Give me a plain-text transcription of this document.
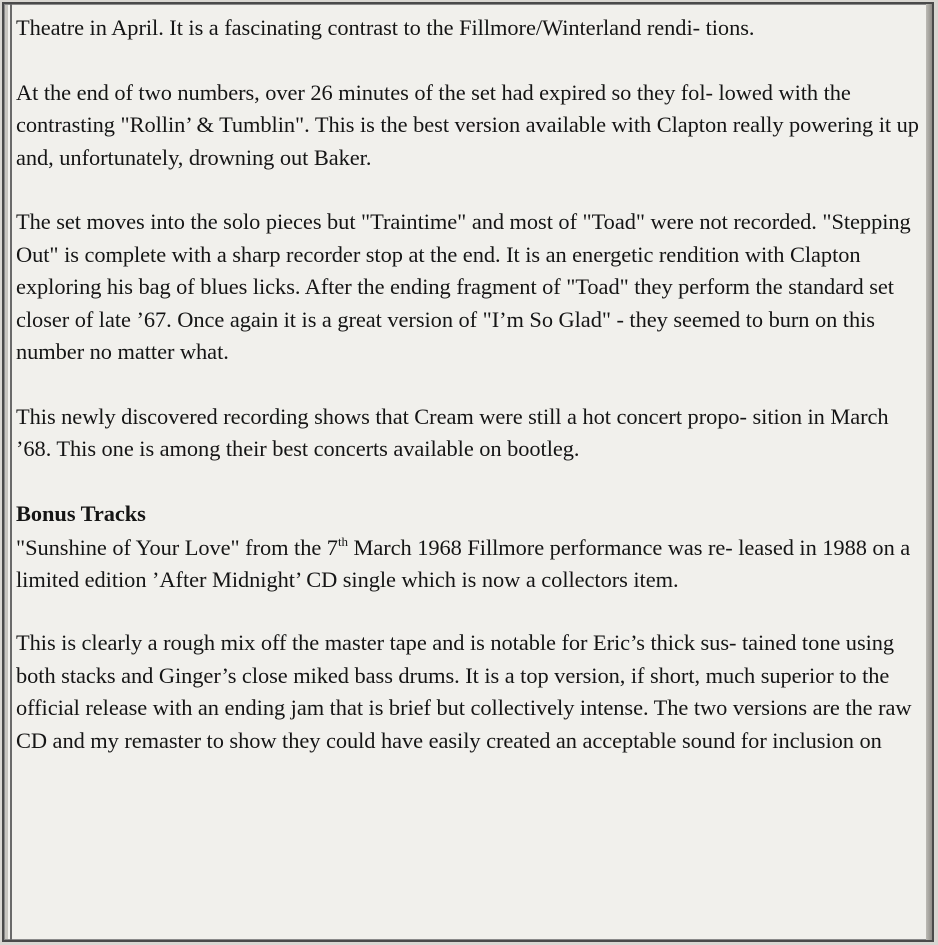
Theatre in April. It is a fascinating contrast to the Fillmore/Winterland rendi- tions.

At the end of two numbers, over 26 minutes of the set had expired so they fol- lowed with the contrasting "Rollin’ & Tumblin". This is the best version available with Clapton really powering it up and, unfortunately, drowning out Baker.

The set moves into the solo pieces but "Traintime" and most of "Toad" were not recorded. "Stepping Out" is complete with a sharp recorder stop at the end. It is an energetic rendition with Clapton exploring his bag of blues licks. After the ending fragment of "Toad" they perform the standard set closer of late ’67. Once again it is a great version of "I’m So Glad" - they seemed to burn on this number no matter what.

This newly discovered recording shows that Cream were still a hot concert propo- sition in March ’68. This one is among their best concerts available on bootleg.

Bonus Tracks

"Sunshine of Your Love" from the 7th March 1968 Fillmore performance was re- leased in 1988 on a limited edition ’After Midnight’ CD single which is now a collectors item.

This is clearly a rough mix off the master tape and is notable for Eric’s thick sus- tained tone using both stacks and Ginger’s close miked bass drums. It is a top version, if short, much superior to the official release with an ending jam that is brief but collectively intense. The two versions are the raw CD and my remaster to show they could have easily created an acceptable sound for inclusion on
